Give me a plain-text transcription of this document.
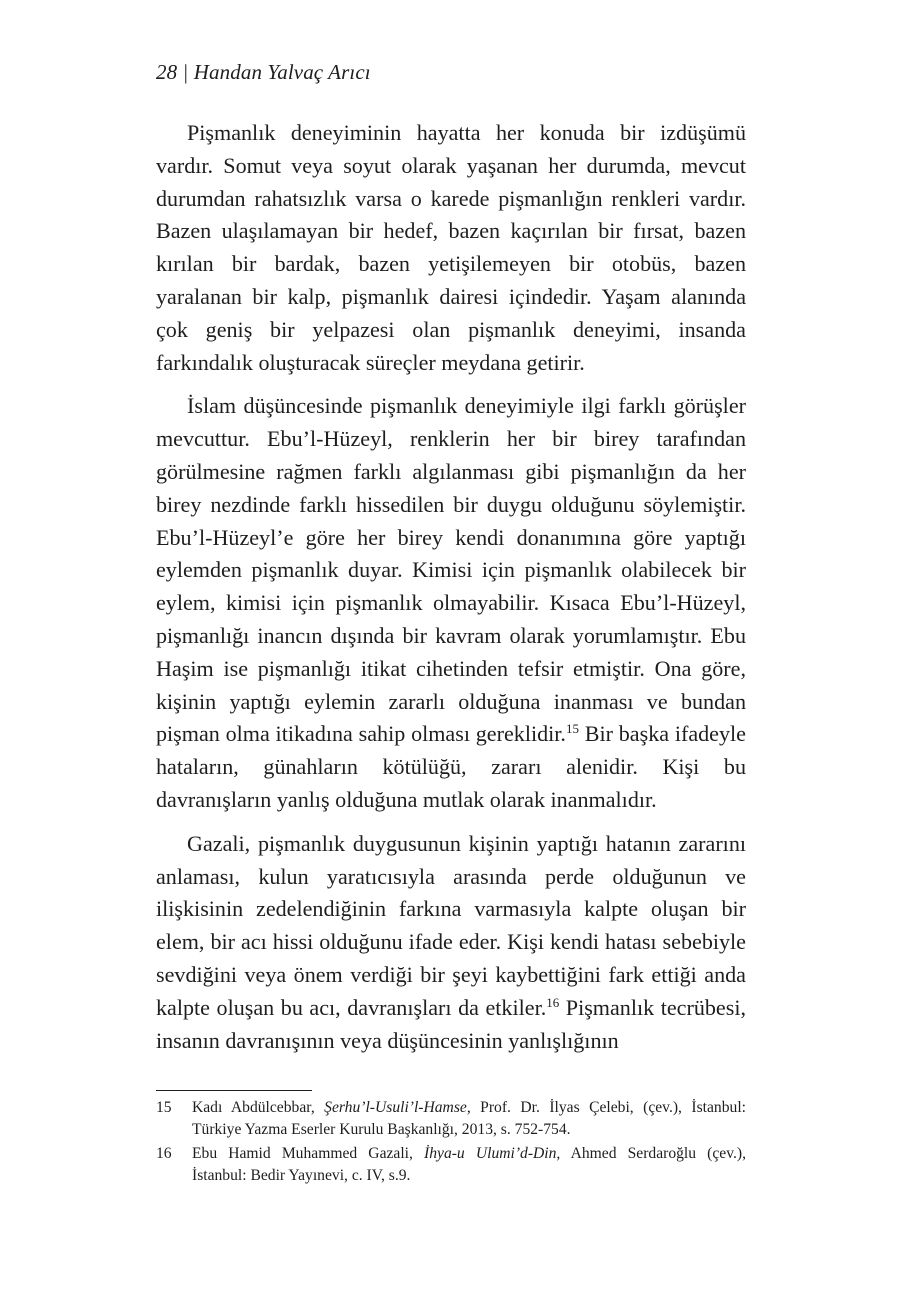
28 | Handan Yalvaç Arıcı

Pişmanlık deneyiminin hayatta her konuda bir izdüşümü vardır. Somut veya soyut olarak yaşanan her durumda, mevcut durumdan rahatsızlık varsa o karede pişmanlığın renkleri vardır. Bazen ulaşılamayan bir hedef, bazen kaçırılan bir fırsat, bazen kırılan bir bardak, bazen yetişilemeyen bir otobüs, bazen yaralanan bir kalp, pişmanlık dairesi içindedir. Yaşam alanında çok geniş bir yelpazesi olan pişmanlık deneyimi, insanda farkındalık oluşturacak süreçler meydana getirir.

İslam düşüncesinde pişmanlık deneyimiyle ilgi farklı görüşler mevcuttur. Ebu’l-Hüzeyl, renklerin her bir birey tarafından görülmesine rağmen farklı algılanması gibi pişmanlığın da her birey nezdinde farklı hissedilen bir duygu olduğunu söylemiştir. Ebu’l-Hüzeyl’e göre her birey kendi donanımına göre yaptığı eylemden pişmanlık duyar. Kimisi için pişmanlık olabilecek bir eylem, kimisi için pişmanlık olmayabilir. Kısaca Ebu’l-Hüzeyl, pişmanlığı inancın dışında bir kavram olarak yorumlamıştır. Ebu Haşim ise pişmanlığı itikat cihetinden tefsir etmiştir. Ona göre, kişinin yaptığı eylemin zararlı olduğuna inanması ve bundan pişman olma itikadına sahip olması gereklidir.$^{15}$ Bir başka ifadeyle hataların, günahların kötülüğü, zararı alenidir. Kişi bu davranışların yanlış olduğuna mutlak olarak inanmalıdır.

Gazali, pişmanlık duygusunun kişinin yaptığı hatanın zararını anlaması, kulun yaratıcısıyla arasında perde olduğunun ve ilişkisinin zedelendiğinin farkına varmasıyla kalpte oluşan bir elem, bir acı hissi olduğunu ifade eder. Kişi kendi hatası sebebiyle sevdiğini veya önem verdiği bir şeyi kaybettiğini fark ettiği anda kalpte oluşan bu acı, davranışları da etkiler.$^{16}$ Pişmanlık tecrübesi, insanın davranışının veya düşüncesinin yanlışlığının

15	Kadı Abdülcebbar, Şerhu’l-Usuli’l-Hamse, Prof. Dr. İlyas Çelebi, (çev.), İstanbul: Türkiye Yazma Eserler Kurulu Başkanlığı, 2013, s. 752-754.
16	Ebu Hamid Muhammed Gazali, İhya-u Ulumi’d-Din, Ahmed Serdaroğlu (çev.), İstanbul: Bedir Yayınevi, c. IV, s.9.
